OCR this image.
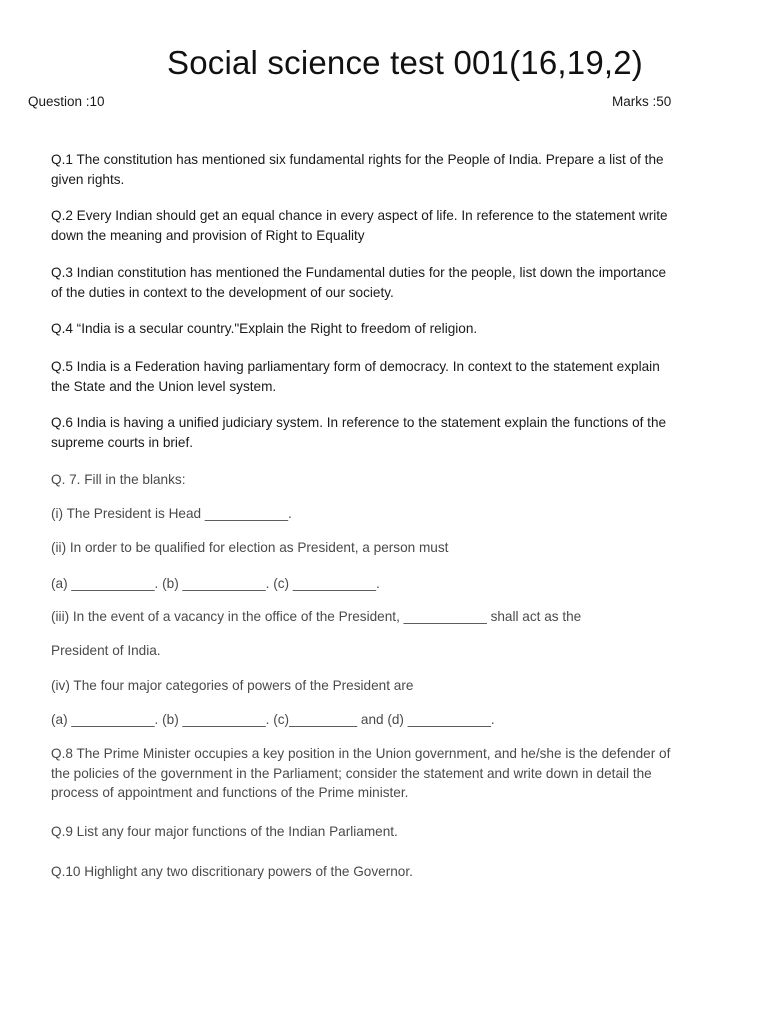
Social science test 001(16,19,2)
Question :10	Marks :50
Q.1 The constitution has mentioned six fundamental rights for the People of India. Prepare a list of the given rights.
Q.2 Every Indian should get an equal chance in every aspect of life. In reference to the statement write down the meaning and provision of Right to Equality
Q.3 Indian constitution has mentioned the Fundamental duties for the people, list down the importance of the duties in context to the development of our society.
Q.4 “India is a secular country."Explain the Right to freedom of religion.
Q.5 India is a Federation having parliamentary form of democracy. In context to the statement explain the State and the Union level system.
Q.6 India is having a unified judiciary system. In reference to the statement explain the functions of the supreme courts in brief.
Q. 7. Fill in the blanks:
(i) The President is Head ___________.
(ii) In order to be qualified for election as President, a person must
(a) ___________. (b) ___________. (c) ___________.
(iii) In the event of a vacancy in the office of the President, ___________ shall act as the
President of India.
(iv) The four major categories of powers of the President are
(a) ___________. (b) ___________. (c)_________ and (d) ___________.
Q.8 The Prime Minister occupies a key position in the Union government, and he/she is the defender of the policies of the government in the Parliament; consider the statement and write down in detail the process of appointment and functions of the Prime minister.
Q.9 List any four major functions of the Indian Parliament.
Q.10 Highlight any two discritionary powers of the Governor.
